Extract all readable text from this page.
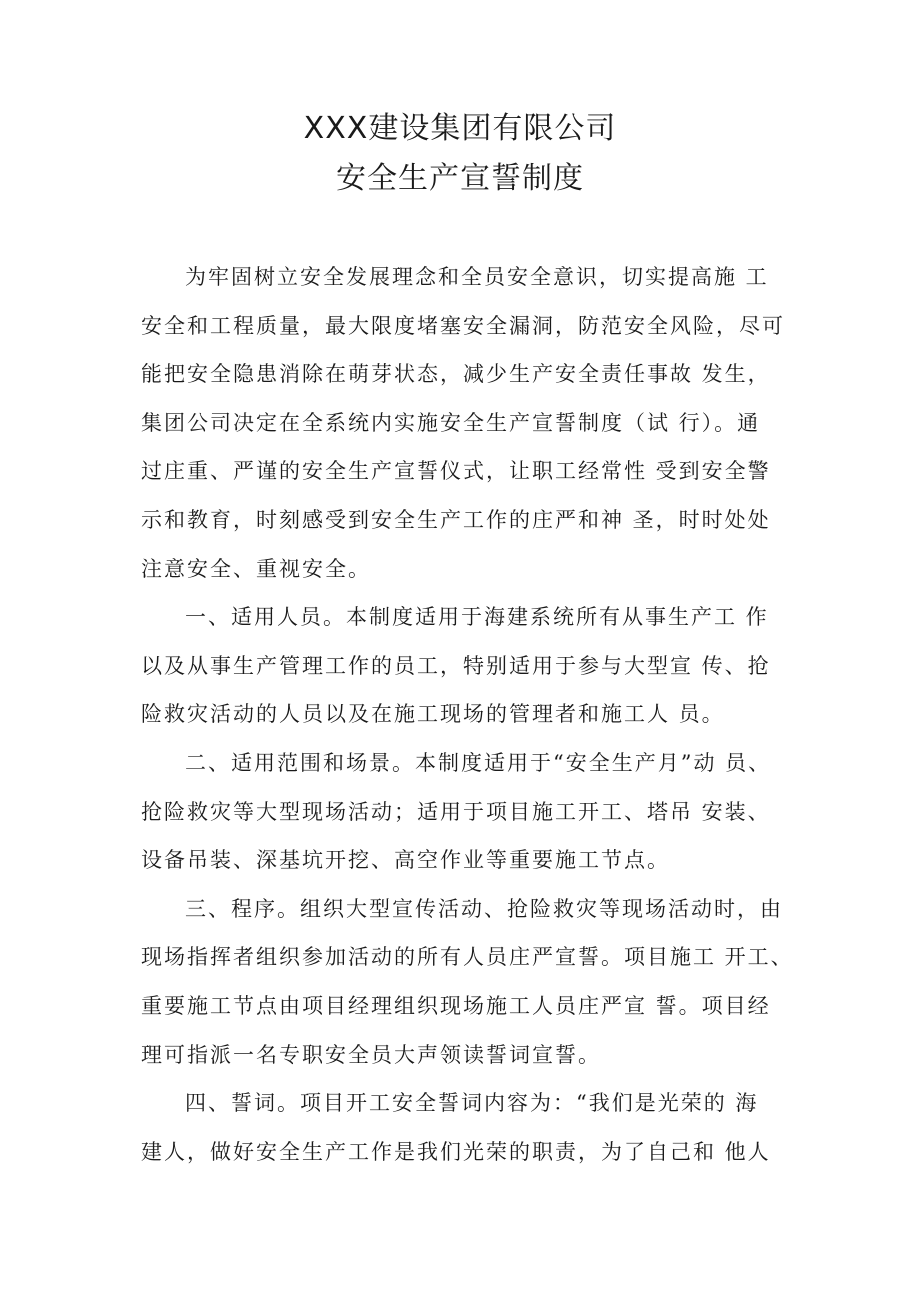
XXX建设集团有限公司
安全生产宣誓制度
为牢固树立安全发展理念和全员安全意识，切实提高施 工
安全和工程质量，最大限度堵塞安全漏洞，防范安全风险，尽可
能把安全隐患消除在萌芽状态，减少生产安全责任事故 发生，
集团公司决定在全系统内实施安全生产宣誓制度（试 行）。通
过庄重、严谨的安全生产宣誓仪式，让职工经常性 受到安全警
示和教育，时刻感受到安全生产工作的庄严和神 圣，时时处处
注意安全、重视安全。
一、适用人员。本制度适用于海建系统所有从事生产工 作
以及从事生产管理工作的员工，特别适用于参与大型宣 传、抢
险救灾活动的人员以及在施工现场的管理者和施工人 员。
二、适用范围和场景。本制度适用于“安全生产月”动 员、
抢险救灾等大型现场活动；适用于项目施工开工、塔吊 安装、
设备吊装、深基坑开挖、高空作业等重要施工节点。
三、程序。组织大型宣传活动、抢险救灾等现场活动时，由
现场指挥者组织参加活动的所有人员庄严宣誓。项目施工 开工、
重要施工节点由项目经理组织现场施工人员庄严宣 誓。项目经
理可指派一名专职安全员大声领读誓词宣誓。
四、誓词。项目开工安全誓词内容为：“我们是光荣的 海
建人，做好安全生产工作是我们光荣的职责，为了自己和 他人
